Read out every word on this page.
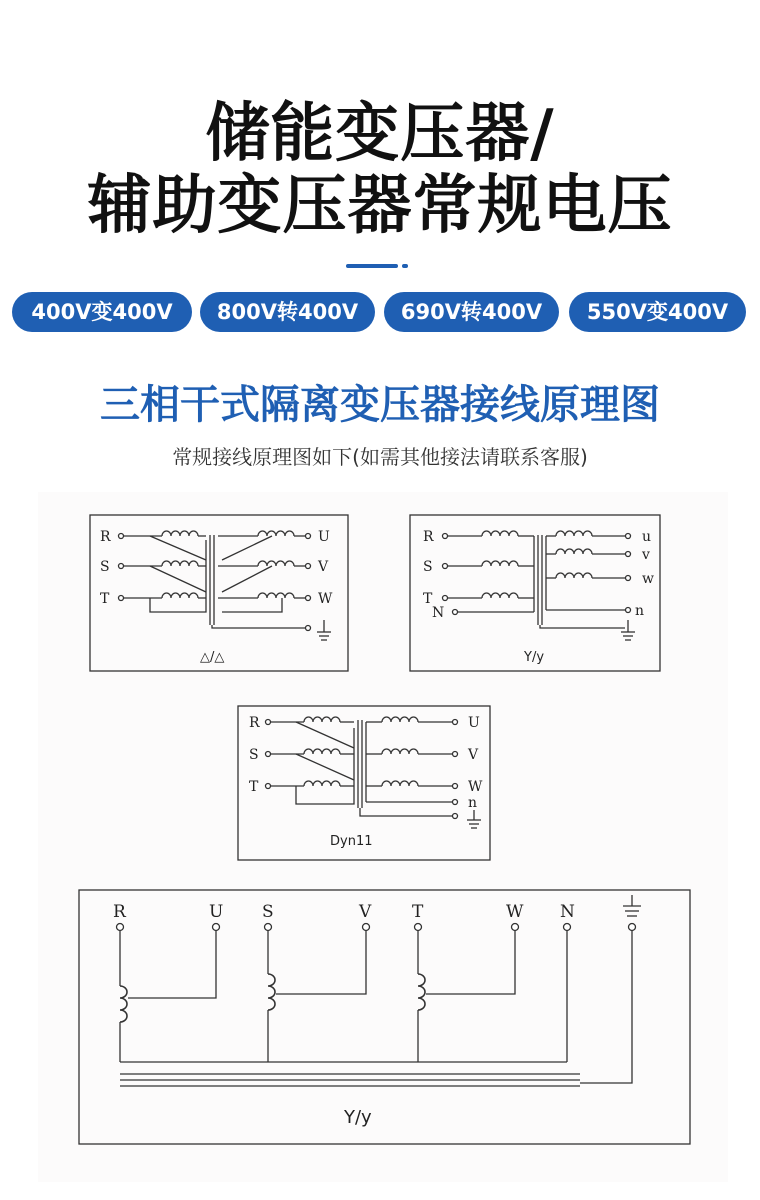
储能变压器/
辅助变压器常规电压
400V变400V	800V转400V	690V转400V	550V变400V
三相干式隔离变压器接线原理图
常规接线原理图如下(如需其他接法请联系客服)
R
S
T
U
V
W
△/△
R
S
T
N
u
v
w
n
Y/y
R
S
T
U
V
W
n
Dyn11
R	U S	V T	W N
Y/y
